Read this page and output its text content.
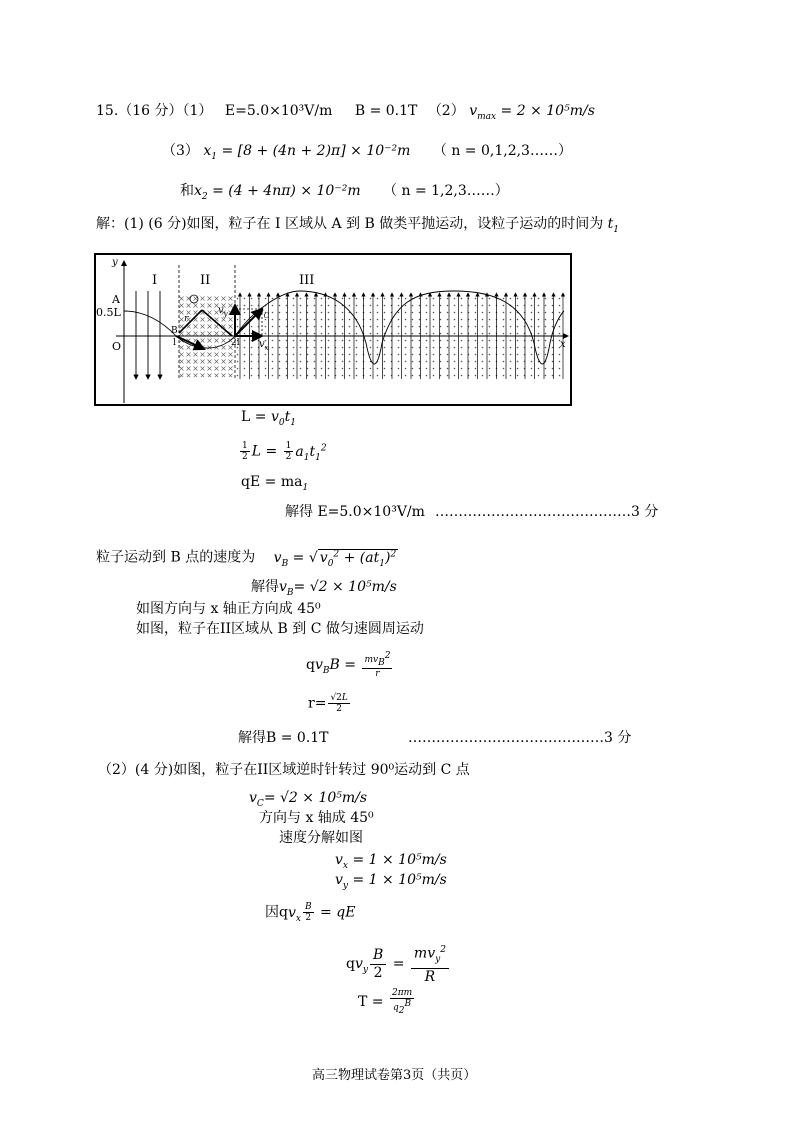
15.（16 分）（1） E=5.0×10³V/m B = 0.1T （2） $v_{max} = 2 \times 10^5m/s$
（3） $x_1 = [8 + (4n + 2)\pi] \times 10^{-2}m$ （ n = 0,1,2,3……）
和$x_2 = (4 + 4n\pi) \times 10^{-2}m$ （ n = 1,2,3……）
解：(1) (6 分)如图，粒子在 I 区域从 A 到 B 做类平抛运动，设粒子运动的时间为 $t_1$
y
x
I	II	III
A
0.5L
O
B
l	2l
r
$v_y$	$v_C$
$v_x$
$L = v_0t_1$
$\frac{1}{2}$ $L = \frac{1}{2} a_1t_1^2$
qE = $ma_1$
解得 E=5.0×10³V/m ……………………………………3 分
粒子运动到 B 点的速度为 $v_B$ = √ $v_0^2 + (at_1)^2$
解得$v_B= √2 \times 10^5m/s$
如图方向与 x 轴正方向成 45⁰
如图，粒子在II区域从 B 到 C 做匀速圆周运动
$qv_BB = \frac{mv_B^2}{r}$
$r= \frac{√2L}{2}$
解得B = 0.1T	……………………………………3 分
（2）(4 分)如图，粒子在II区域逆时针转过 90⁰运动到 C 点
$v_C= √2 \times 10^5m/s$
方向与 x 轴成 45⁰
速度分解如图
$v_x = 1 \times 10^5m/s$
$v_y = 1 \times 10^5m/s$
因$qv_x \frac{B}{2}$ = qE
$qv_y \frac{B}{2} = \frac{mv_y^2}{R}$
$T = \frac{2\pi m}{q_2^B}$
高三物理试卷第3页（共页）
